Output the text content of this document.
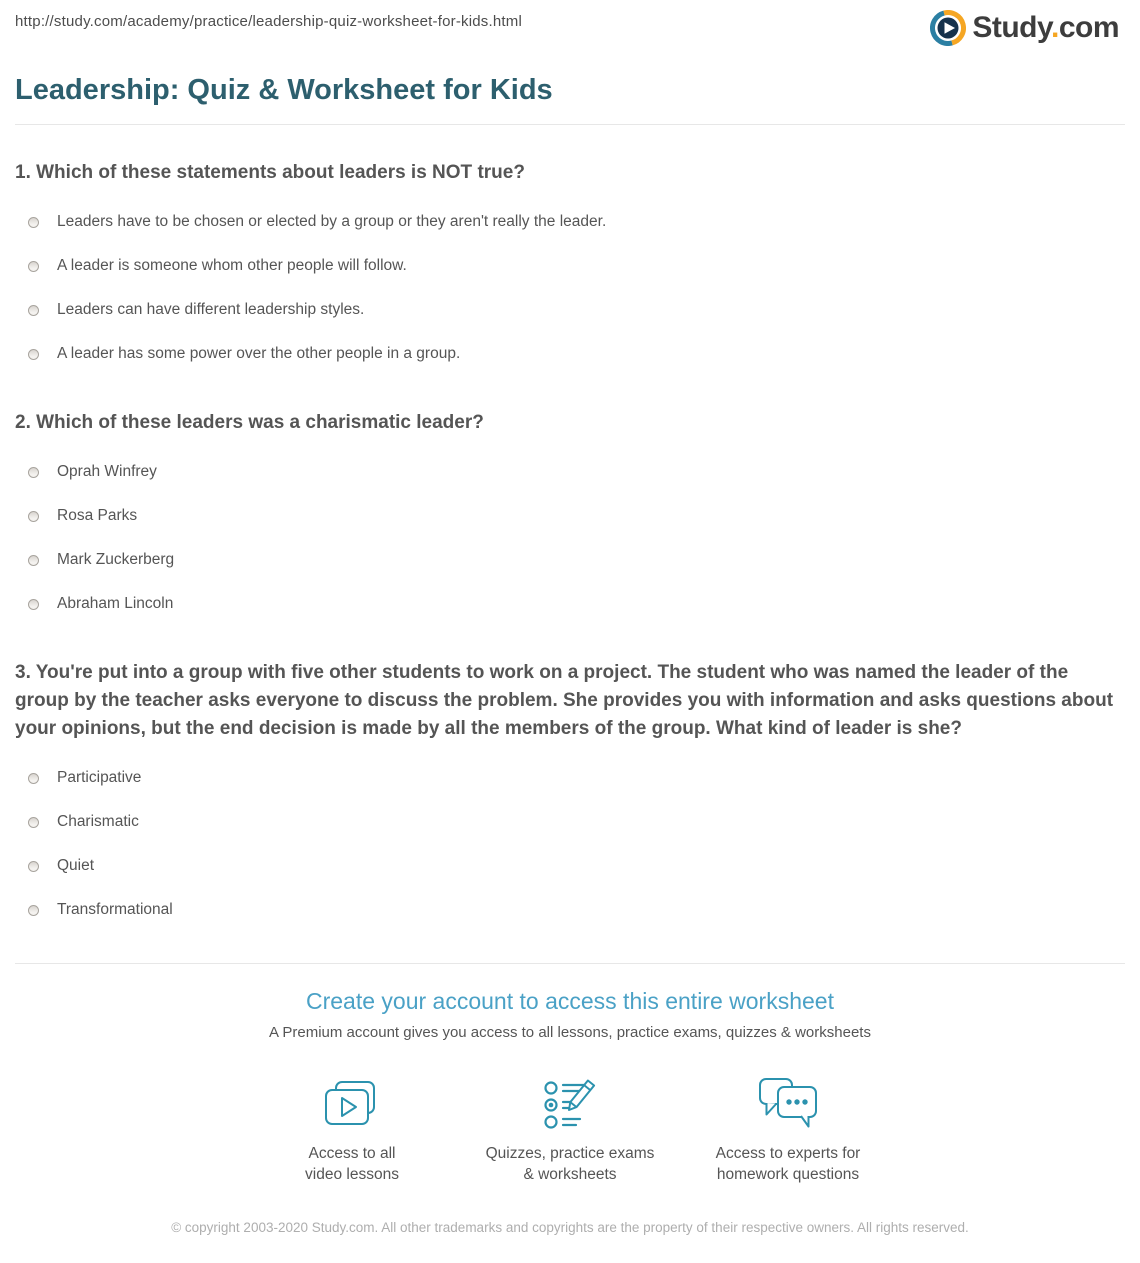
http://study.com/academy/practice/leadership-quiz-worksheet-for-kids.html	Study.com
Leadership: Quiz & Worksheet for Kids
1. Which of these statements about leaders is NOT true?
Leaders have to be chosen or elected by a group or they aren't really the leader.
A leader is someone whom other people will follow.
Leaders can have different leadership styles.
A leader has some power over the other people in a group.
2. Which of these leaders was a charismatic leader?
Oprah Winfrey
Rosa Parks
Mark Zuckerberg
Abraham Lincoln
3. You're put into a group with five other students to work on a project. The student who was named the leader of the group by the teacher asks everyone to discuss the problem. She provides you with information and asks questions about your opinions, but the end decision is made by all the members of the group. What kind of leader is she?
Participative
Charismatic
Quiet
Transformational
Create your account to access this entire worksheet

A Premium account gives you access to all lessons, practice exams, quizzes & worksheets

Access to all
video lessons
Quizzes, practice exams
& worksheets
Access to experts for
homework questions
© copyright 2003-2020 Study.com. All other trademarks and copyrights are the property of their respective owners. All rights reserved.
